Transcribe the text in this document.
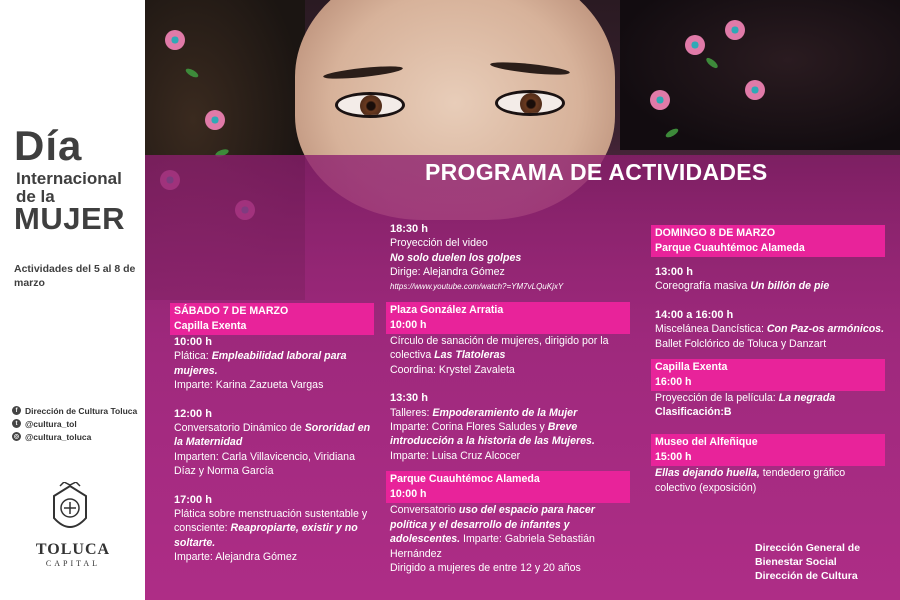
Día
Internacional
de la
MUJER
Actividades del 5 al 8 de marzo
f Dirección de Cultura Toluca
t @cultura_tol
◎ @cultura_toluca
TOLUCA
CAPITAL
PROGRAMA DE ACTIVIDADES
SÁBADO 7 DE MARZO
Capilla Exenta
10:00 h
Plática: Empleabilidad laboral para mujeres.
Imparte: Karina Zazueta Vargas
12:00 h
Conversatorio Dinámico de Sororidad en la Maternidad
Imparten: Carla Villavicencio, Viridiana Díaz y Norma García
17:00 h
Plática sobre menstruación sustentable y consciente: Reapropiarte, existir y no soltarte.
Imparte: Alejandra Gómez
18:30 h
Proyección del video
No solo duelen los golpes
Dirige: Alejandra Gómez
https://www.youtube.com/watch?=YM7vLQuKjxY
Plaza González Arratia
10:00 h
Círculo de sanación de mujeres, dirigido por la colectiva Las Tlatoleras
Coordina: Krystel Zavaleta
13:30 h
Talleres: Empoderamiento de la Mujer
Imparte: Corina Flores Saludes y Breve introducción a la historia de las Mujeres.
Imparte: Luisa Cruz Alcocer
Parque Cuauhtémoc Alameda
10:00 h
Conversatorio uso del espacio para hacer política y el desarrollo de infantes y adolescentes. Imparte: Gabriela Sebastián Hernández
Dirigido a mujeres de entre 12 y 20 años
DOMINGO 8 DE MARZO
Parque Cuauhtémoc Alameda
13:00 h
Coreografía masiva Un billón de pie
14:00 a 16:00 h
Miscelánea Dancística: Con Paz-os armónicos. Ballet Folclórico de Toluca y Danzart
Capilla Exenta
16:00 h
Proyección de la película: La negrada
Clasificación:B
Museo del Alfeñique
15:00 h
Ellas dejando huella, tendedero gráfico colectivo (exposición)
Dirección General de
Bienestar Social
Dirección de Cultura
